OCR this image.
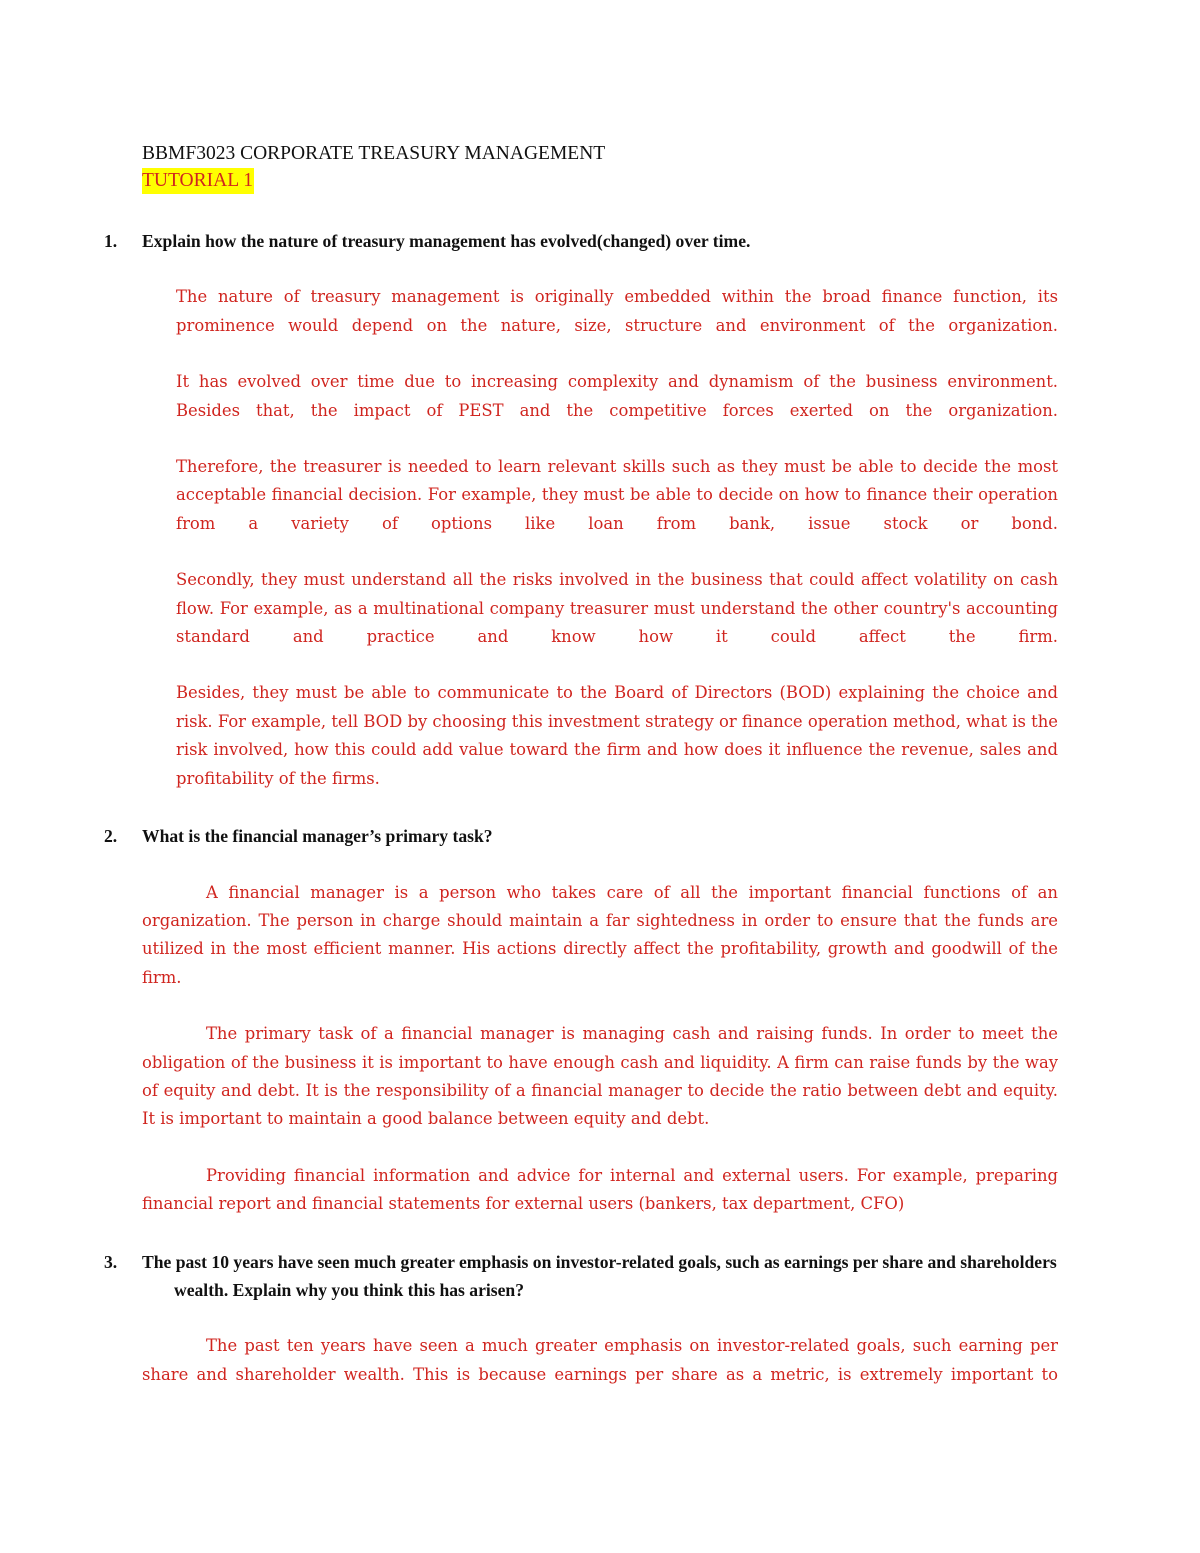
BBMF3023 CORPORATE TREASURY MANAGEMENT

TUTORIAL 1

1.	Explain how the nature of treasury management has evolved(changed) over time.

The nature of treasury management is originally embedded within the broad finance function, its prominence would depend on the nature, size, structure and environment of the organization.

It has evolved over time due to increasing complexity and dynamism of the business environment. Besides that, the impact of PEST and the competitive forces exerted on the organization.

Therefore, the treasurer is needed to learn relevant skills such as they must be able to decide the most acceptable financial decision. For example, they must be able to decide on how to finance their operation from a variety of options like loan from bank, issue stock or bond.

Secondly, they must understand all the risks involved in the business that could affect volatility on cash flow. For example, as a multinational company treasurer must understand the other country's accounting standard and practice and know how it could affect the firm.

Besides, they must be able to communicate to the Board of Directors (BOD) explaining the choice and risk. For example, tell BOD by choosing this investment strategy or finance operation method, what is the risk involved, how this could add value toward the firm and how does it influence the revenue, sales and profitability of the firms.

2.	What is the financial manager’s primary task?

A financial manager is a person who takes care of all the important financial functions of an organization. The person in charge should maintain a far sightedness in order to ensure that the funds are utilized in the most efficient manner. His actions directly affect the profitability, growth and goodwill of the firm.

The primary task of a financial manager is managing cash and raising funds. In order to meet the obligation of the business it is important to have enough cash and liquidity. A firm can raise funds by the way of equity and debt. It is the responsibility of a financial manager to decide the ratio between debt and equity. It is important to maintain a good balance between equity and debt.

Providing financial information and advice for internal and external users. For example, preparing financial report and financial statements for external users (bankers, tax department, CFO)

3.	The past 10 years have seen much greater emphasis on investor-related goals, such as earnings per share and shareholders wealth. Explain why you think this has arisen?

The past ten years have seen a much greater emphasis on investor-related goals, such earning per share and shareholder wealth. This is because earnings per share as a metric, is extremely important to
